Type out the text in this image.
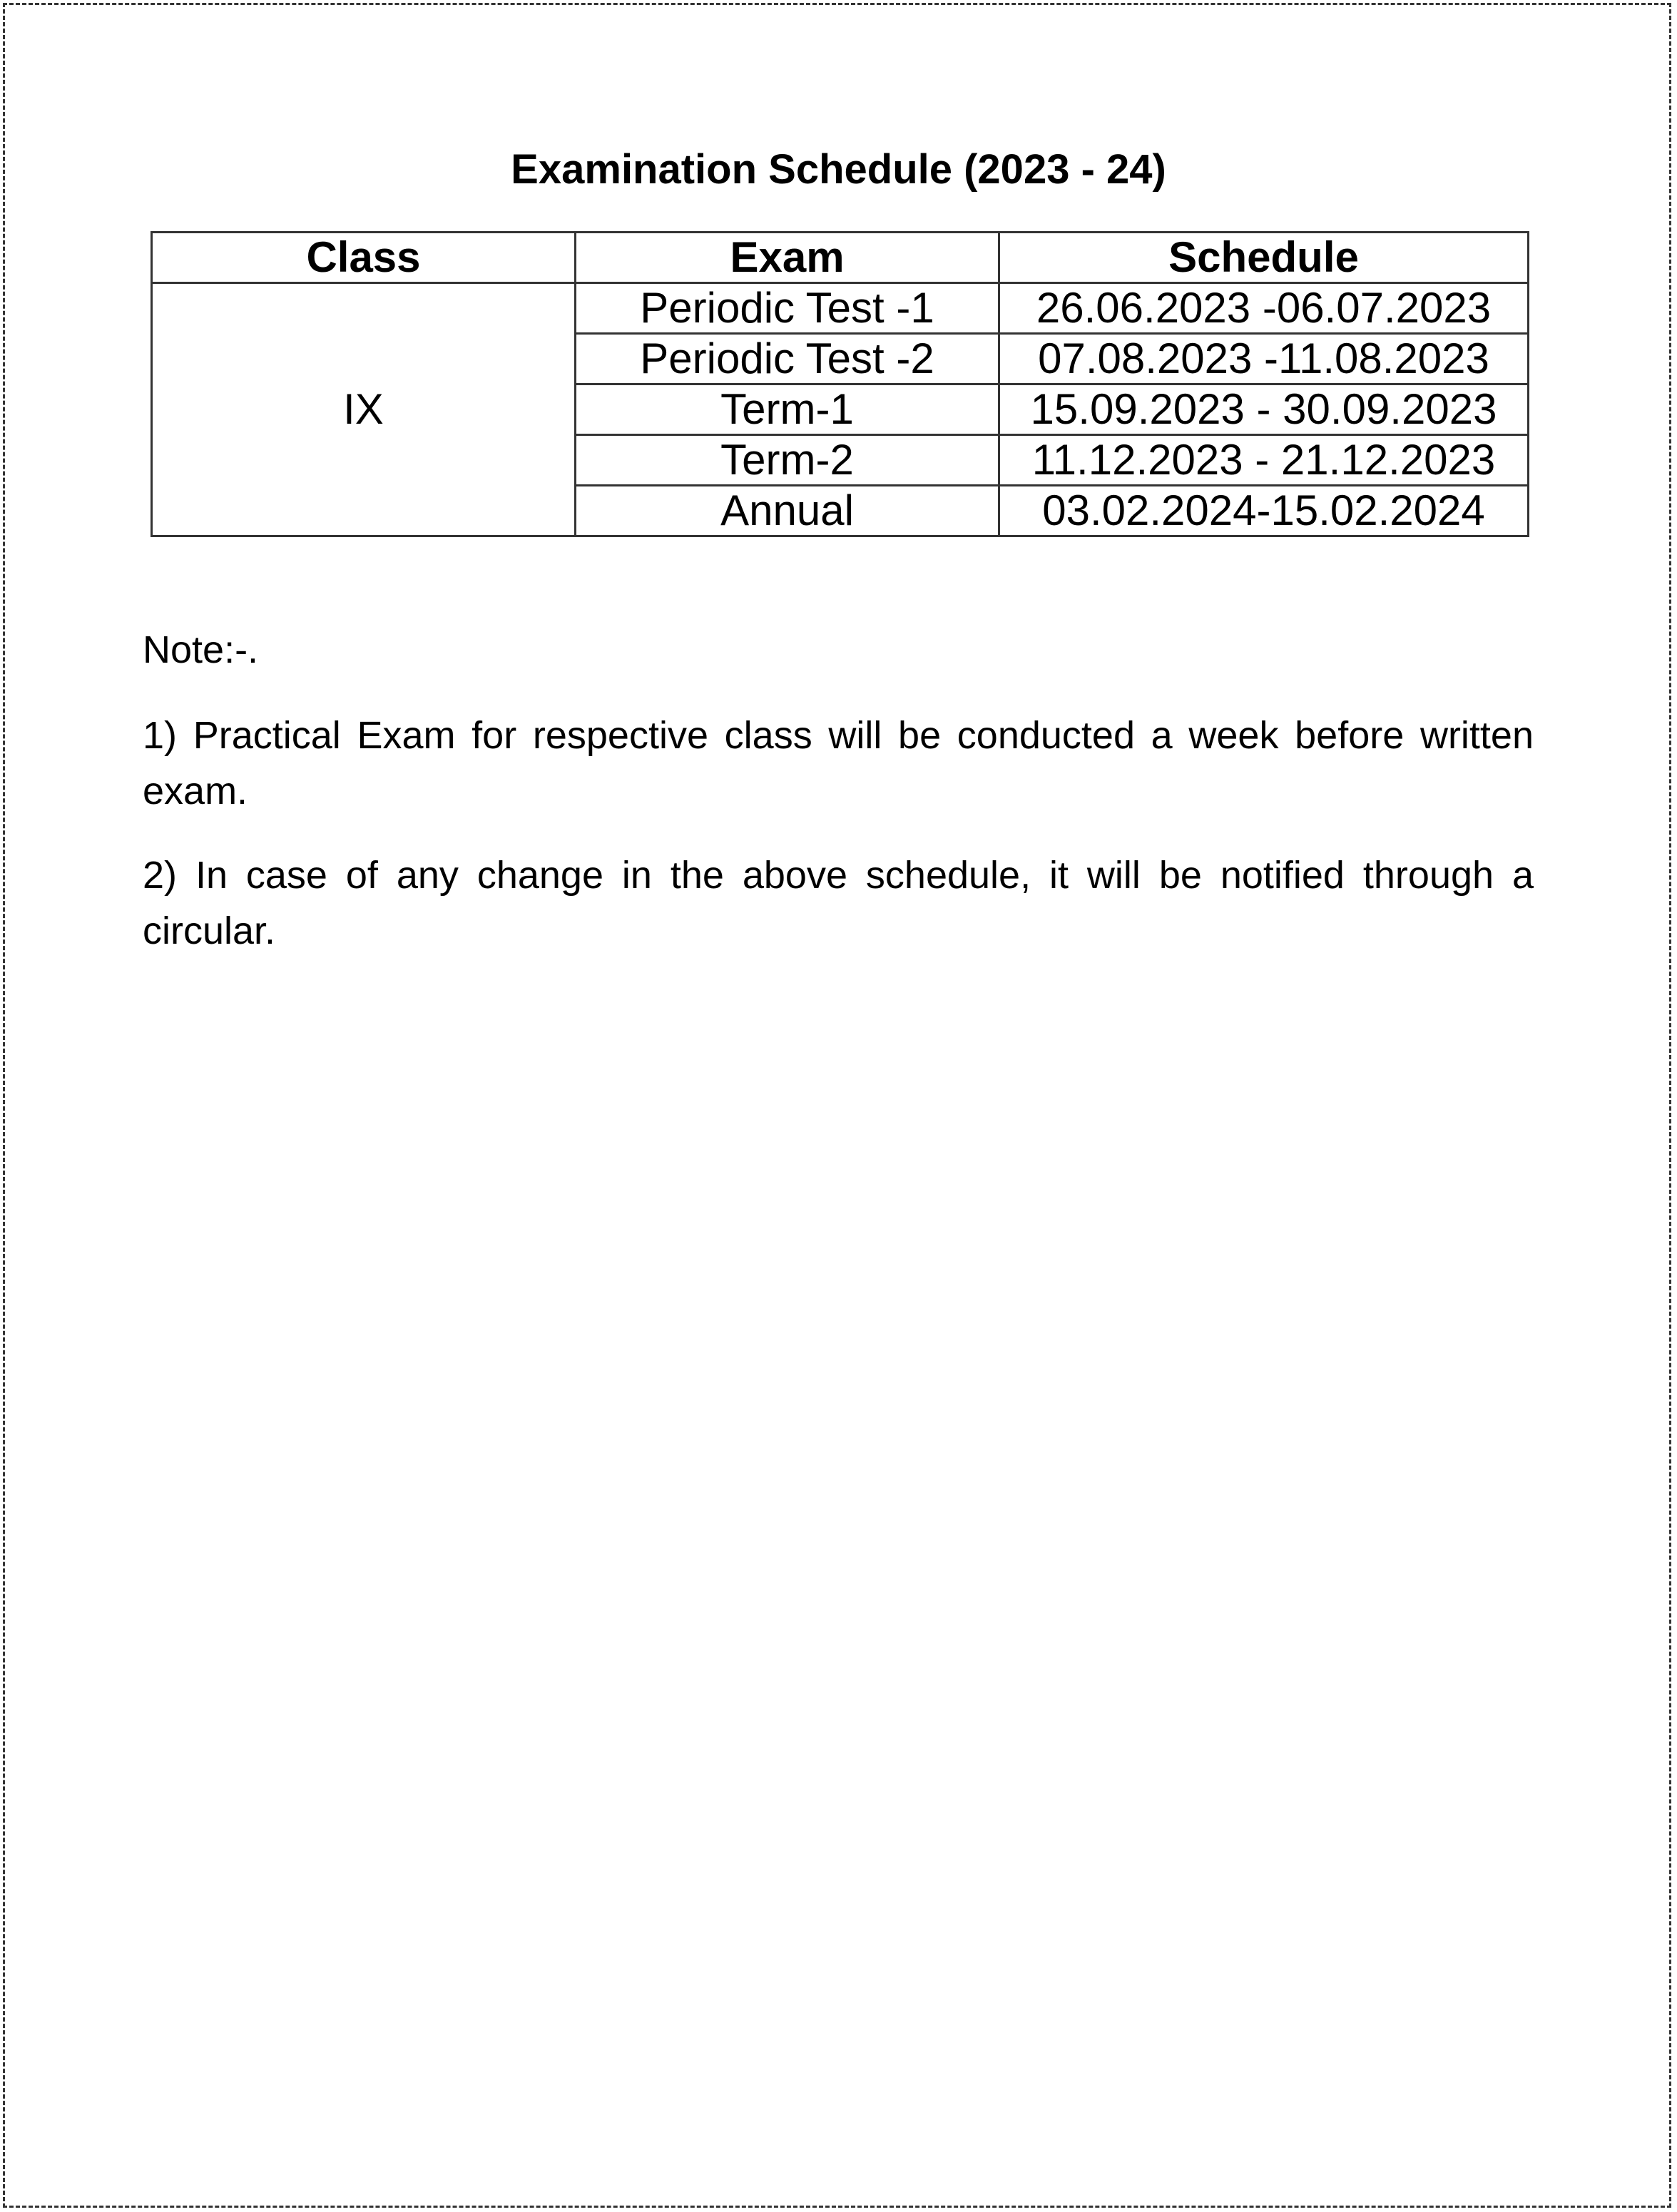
Examination Schedule (2023 - 24)
Class	Exam	Schedule
IX	Periodic Test -1	26.06.2023 -06.07.2023
	Periodic Test -2	07.08.2023 -11.08.2023
	Term-1	15.09.2023 - 30.09.2023
	Term-2	11.12.2023 - 21.12.2023
	Annual	03.02.2024-15.02.2024
Note:-.
1) Practical Exam for respective class will be conducted a week before written exam.
2) In case of any change in the above schedule, it will be notified through a circular.
